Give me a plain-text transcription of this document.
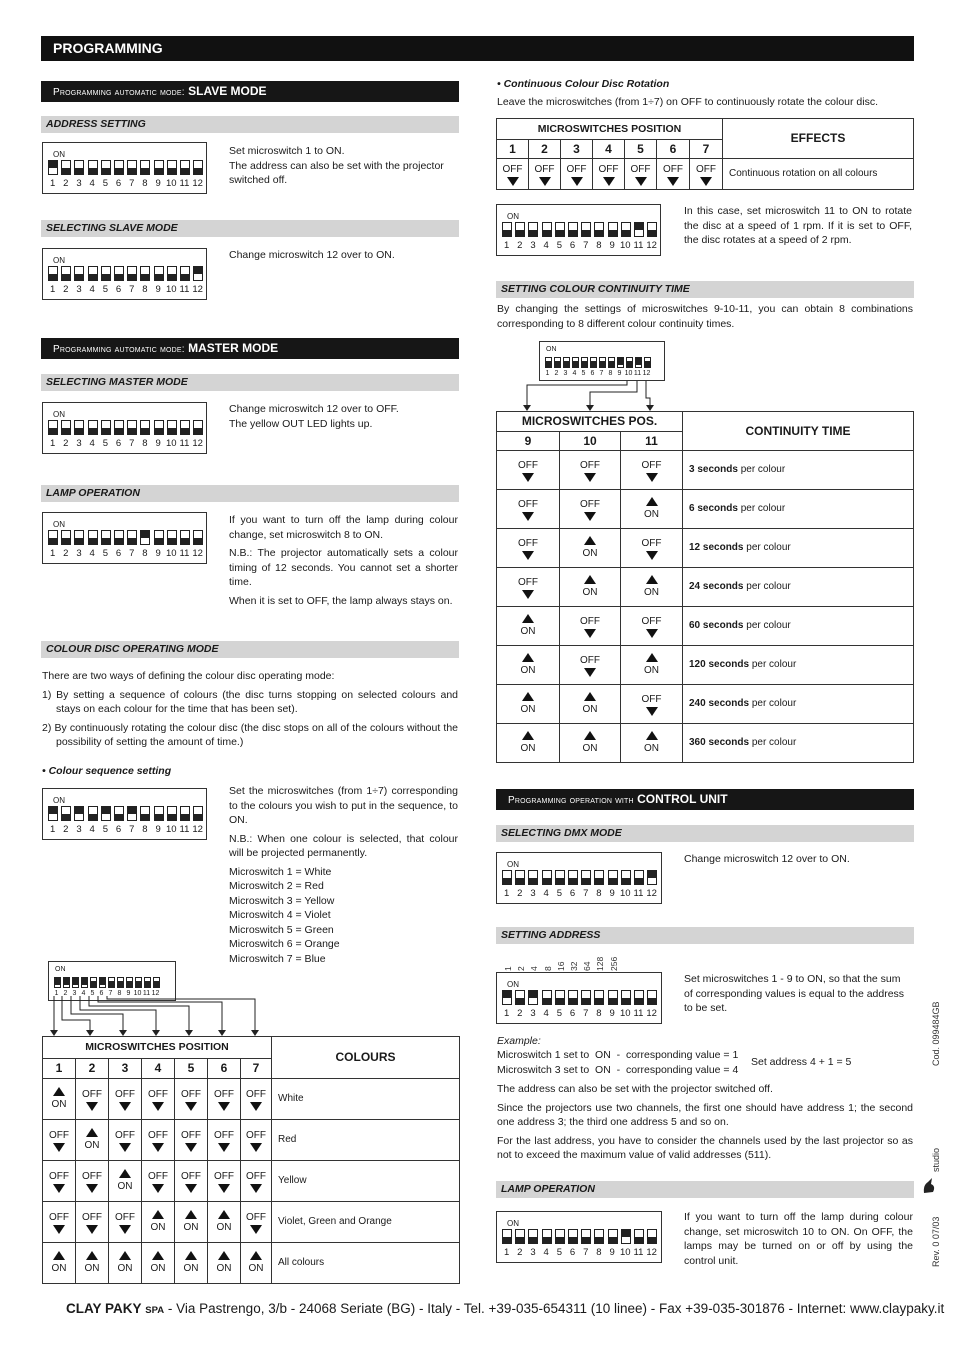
PROGRAMMING
Programming automatic mode: SLAVE MODE
ADDRESS SETTING
ON
1 2 3 4 5 6 7 8 9 10 11 12
Set microswitch 1 to ON.
The address can also be set with the projector switched off.
SELECTING SLAVE MODE
ON
1 2 3 4 5 6 7 8 9 10 11 12
Change microswitch 12 over to ON.
Programming automatic mode: MASTER MODE
SELECTING MASTER MODE
ON
1 2 3 4 5 6 7 8 9 10 11 12
Change microswitch 12 over to OFF.
The yellow OUT LED lights up.
LAMP OPERATION
ON
1 2 3 4 5 6 7 8 9 10 11 12

If you want to turn off the lamp during colour change, set microswitch 8 to ON.

N.B.: The projector automatically sets a colour timing of 12 seconds. You cannot set a shorter time.

When it is set to OFF, the lamp always stays on.

COLOUR DISC OPERATING MODE

There are two ways of defining the colour disc operating mode:

1) By setting a sequence of colours (the disc turns stopping on selected colours and stays on each colour for the time that has been set).

2) By continuously rotating the colour disc (the disc stops on all of the colours without the possibility of setting the amount of time.)

• Colour sequence setting
ON
1 2 3 4 5 6 7 8 9 10 11 12

Set the microswitches (from 1÷7) corresponding to the colours you wish to put in the sequence, to ON.

N.B.: When one colour is selected, that colour will be projected permanently.

Microswitch 1 = White
Microswitch 2 = Red
Microswitch 3 = Yellow
Microswitch 4 = Violet
Microswitch 5 = Green
Microswitch 6 = Orange
Microswitch 7 = Blue
ON
1 2 3 4 5 6 7 8 9 10 11 12
MICROSWITCHES POSITION							COLOURS
1	2	3	4	5	6	7	

ON	OFF	OFF	OFF	OFF	OFF	OFF	White
OFF	ON	OFF	OFF	OFF	OFF	OFF	Red
OFF	OFF	ON	OFF	OFF	OFF	OFF	Yellow
OFF	OFF	OFF	ON	ON	ON	OFF	Violet, Green and Orange

ON	ON	ON	ON	ON	ON	ON	All colours
• Continuous Colour Disc Rotation
Leave the microswitches (from 1÷7) on OFF to continuously rotate the colour disc.
MICROSWITCHES POSITION							EFFECTS
1	2	3	4	5	6	7	
OFF	OFF	OFF	OFF	OFF	OFF	OFF	Continuous rotation on all colours
ON
1 2 3 4 5 6 7 8 9 10 11 12
In this case, set microswitch 11 to ON to rotate the disc at a speed of 1 rpm. If it is set to OFF, the disc rotates at a speed of 2 rpm.
SETTING COLOUR CONTINUITY TIME
By changing the settings of microswitches 9-10-11, you can obtain 8 combinations corresponding to 8 different colour continuity times.
ON
1 2 3 4 5 6 7 8 9 10 11 12
MICROSWITCHES POS.			CONTINUITY TIME
9	10	11	
OFF	OFF	OFF	3 seconds per colour
OFF	OFF	ON	6 seconds per colour
OFF	ON	OFF	12 seconds per colour
OFF	ON	ON	24 seconds per colour

ON	OFF	OFF	60 seconds per colour

ON	OFF	ON	120 seconds per colour

ON	ON	OFF	240 seconds per colour

ON	ON	ON	360 seconds per colour
Programming operation with CONTROL UNIT
SELECTING DMX MODE
ON
1 2 3 4 5 6 7 8 9 10 11 12
Change microswitch 12 over to ON.
SETTING ADDRESS
1 2 4 8 16 32 64 128 256
ON
1 2 3 4 5 6 7 8 9 10 11 12
Set microswitches 1 - 9 to ON, so that the sum of corresponding values is equal to the address to be set.
Example:
Microswitch 1 set to  ON  -  corresponding value = 1
Microswitch 3 set to  ON  -  corresponding value = 4
Set address 4 + 1 = 5

The address can also be set with the projector switched off.

Since the projectors use two channels, the first one should have address 1; the second one address 3; the third one address 5 and so on.

For the last address, you have to consider the channels used by the last projector so as not to exceed the maximum value of valid addresses (511).

LAMP OPERATION
ON
1 2 3 4 5 6 7 8 9 10 11 12
If you want to turn off the lamp during colour change, set microswitch 10 to ON. On OFF, the lamps may be turned on or off by using the control unit.
Cod. 099484GB
studio
Rev. 0 07/03
CLAY PAKY SPA - Via Pastrengo, 3/b - 24068 Seriate (BG) - Italy - Tel. +39-035-654311 (10 linee) - Fax +39-035-301876 - Internet: www.claypaky.it
